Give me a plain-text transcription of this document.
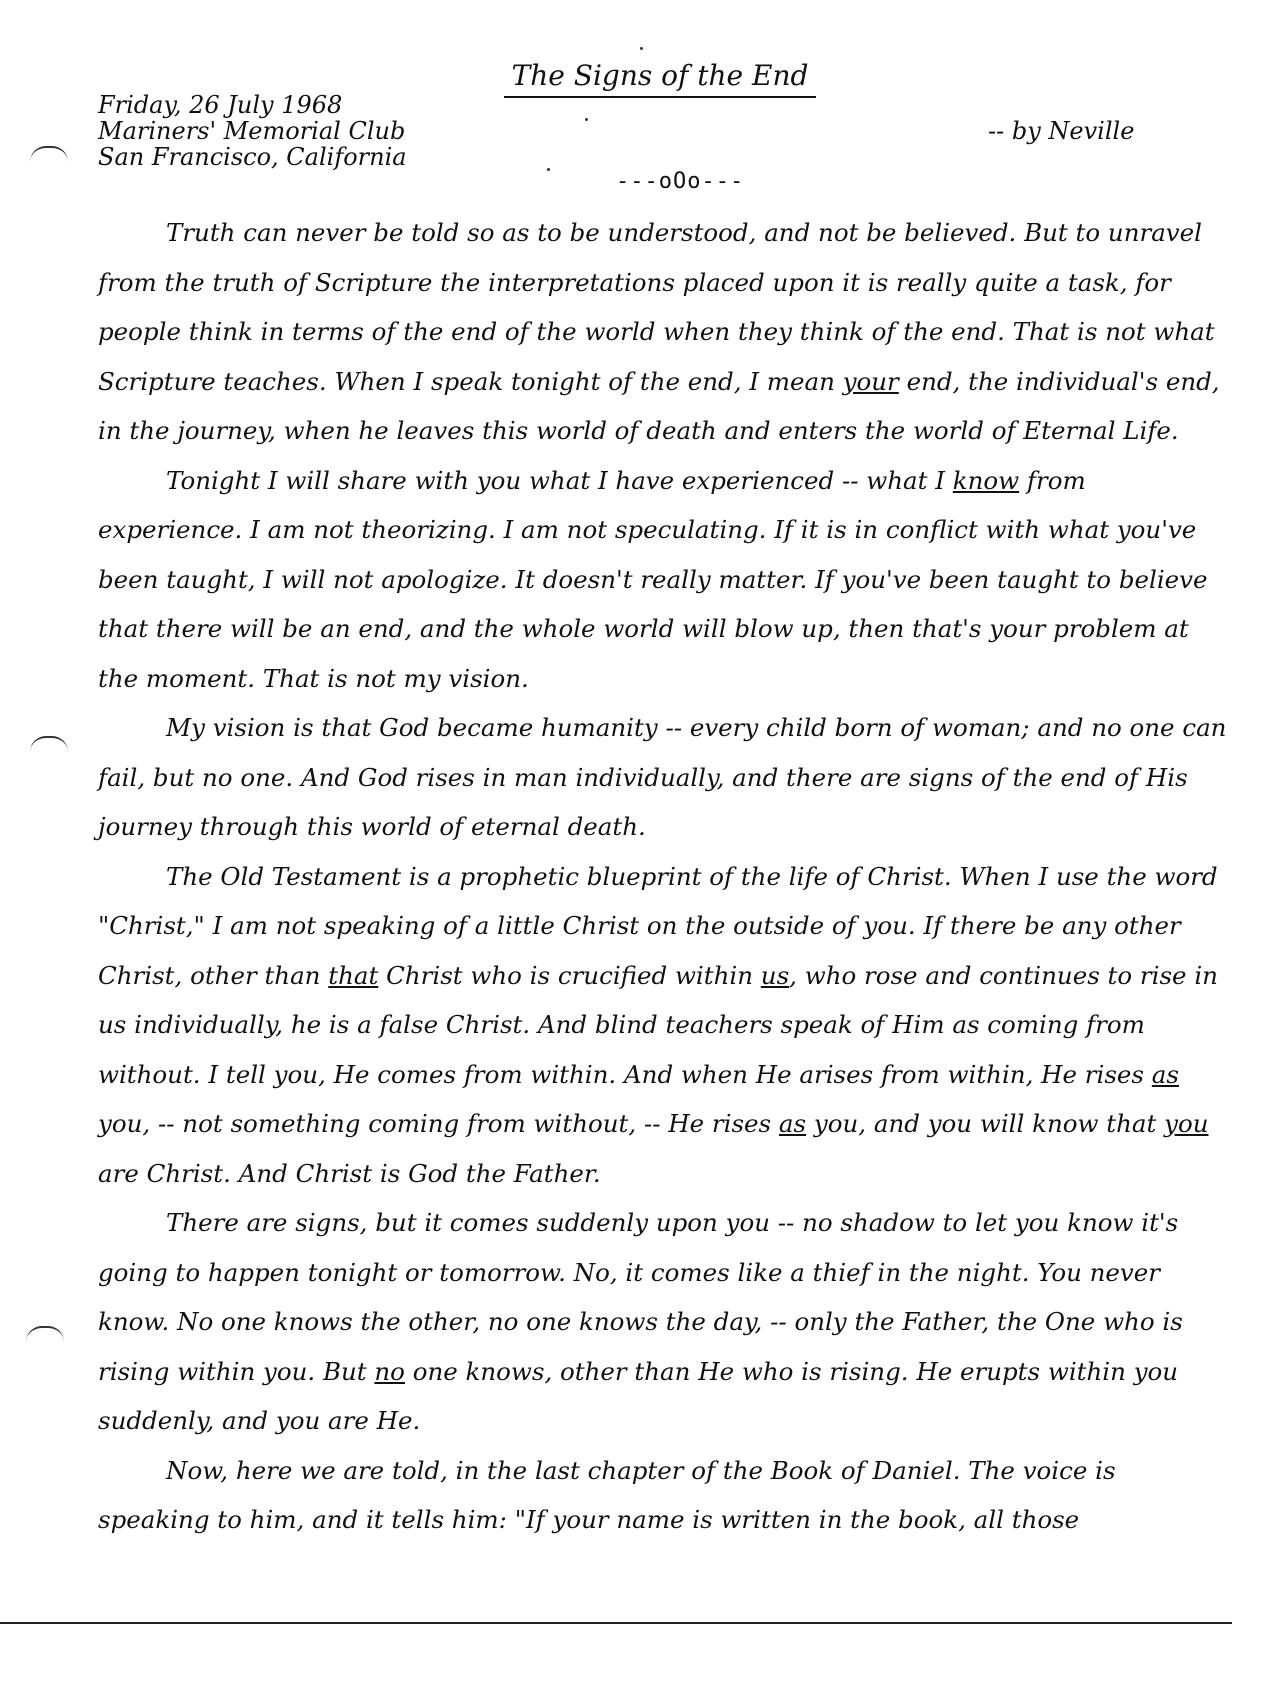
The Signs of the End
Friday, 26 July 1968
Mariners' Memorial Club
San Francisco, California
-- by Neville
---oOo---

Truth can never be told so as to be understood, and not be believed. But to unravel from the truth of Scripture the interpretations placed upon it is really quite a task, for people think in terms of the end of the world when they think of the end. That is not what Scripture teaches. When I speak tonight of the end, I mean your end, the individual's end, in the journey, when he leaves this world of death and enters the world of Eternal Life.

Tonight I will share with you what I have experienced -- what I know from experience. I am not theorizing. I am not speculating. If it is in conflict with what you've been taught, I will not apologize. It doesn't really matter. If you've been taught to believe that there will be an end, and the whole world will blow up, then that's your problem at the moment. That is not my vision.

My vision is that God became humanity -- every child born of woman; and no one can fail, but no one. And God rises in man individually, and there are signs of the end of His journey through this world of eternal death.

The Old Testament is a prophetic blueprint of the life of Christ. When I use the word "Christ," I am not speaking of a little Christ on the outside of you. If there be any other Christ, other than that Christ who is crucified within us, who rose and continues to rise in us individually, he is a false Christ. And blind teachers speak of Him as coming from without. I tell you, He comes from within. And when He arises from within, He rises as you, -- not something coming from without, -- He rises as you, and you will know that you are Christ. And Christ is God the Father.

There are signs, but it comes suddenly upon you -- no shadow to let you know it's going to happen tonight or tomorrow. No, it comes like a thief in the night. You never know. No one knows the other, no one knows the day, -- only the Father, the One who is rising within you. But no one knows, other than He who is rising. He erupts within you suddenly, and you are He.

Now, here we are told, in the last chapter of the Book of Daniel. The voice is speaking to him, and it tells him: "If your name is written in the book, all those
